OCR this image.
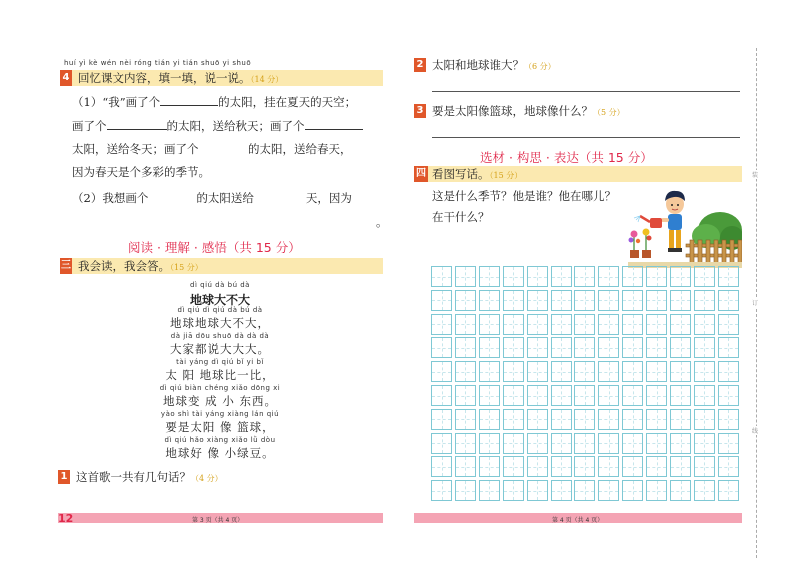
huí yì kè wén nèi róng tián yi tián shuō yi shuō
4 回忆课文内容，填一填，说一说。（14 分）
（1）“我”画了个	的太阳，挂在夏天的天空；
画了个	的太阳，送给秋天；画了个
太阳，送给冬天；画了个	的太阳，送给春天，
因为春天是个多彩的季节。
（2）我想画个	的太阳送给	天，因为
。
阅读 · 理解 · 感悟（共 15 分）
三 我会读，我会答。（15 分）
dì qiú dà bú dà
地球大不大
dì qiú dì qiú dà bú dà
地球地球大不大，
dà jiā dōu shuō dà dà dà
大家都说大大大。
tài yáng dì qiú bǐ yi bǐ
太 阳 地球比一比，
dì qiú biàn chéng xiǎo dōng xi
地球变 成 小 东西。
yào shì tài yáng xiàng lán qiú
要是太阳 像 篮球，
dì qiú hǎo xiàng xiǎo lǜ dòu
地球好 像 小绿豆。
1 这首歌一共有几句话？（4 分）
12	第 3 页（共 4 页）
2 太阳和地球谁大？（6 分）
3 要是太阳像篮球，地球像什么？（5 分）
选材 · 构思 · 表达（共 15 分）
四 看图写话。（15 分）
这是什么季节？他是谁？他在哪儿？
在干什么？
第 4 页（共 4 页）
装
订
线
